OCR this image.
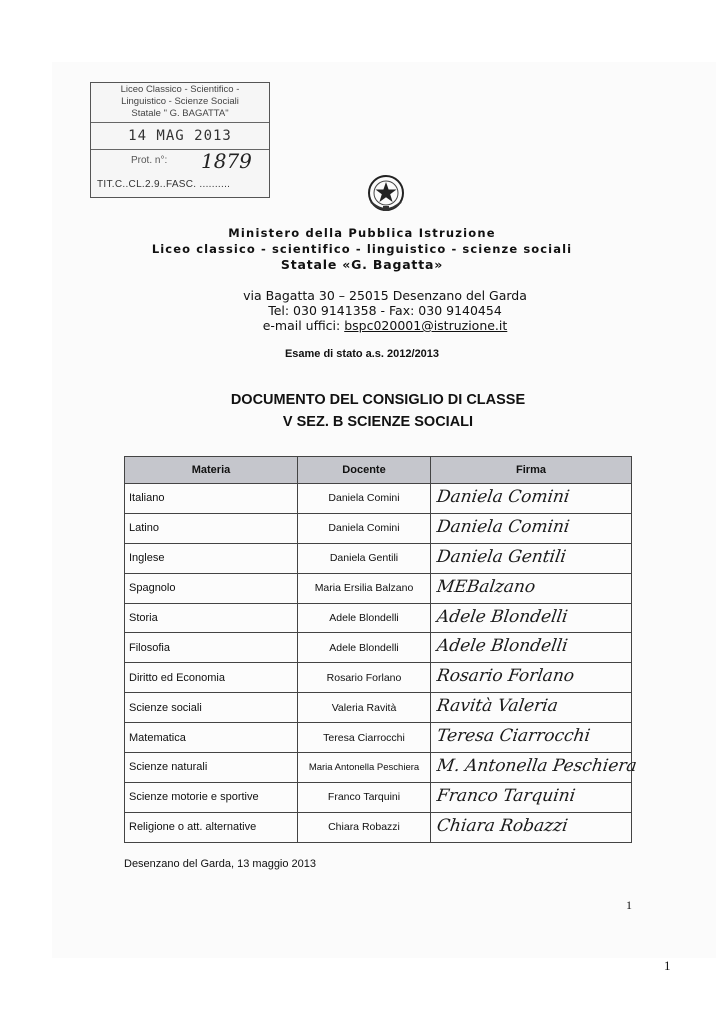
Liceo Classico - Scientifico -
Linguistico - Scienze Sociali
Statale " G. BAGATTA"
14 MAG 2013
Prot. n°: 1879
TIT.C..CL.2.9..FASC. ..........
Ministero della Pubblica Istruzione
Liceo classico - scientifico - linguistico - scienze sociali
Statale «G. Bagatta»
via Bagatta 30 – 25015 Desenzano del Garda
Tel: 030 9141358 - Fax: 030 9140454
e-mail uffici: bspc020001@istruzione.it
Esame di stato a.s. 2012/2013
DOCUMENTO DEL CONSIGLIO DI CLASSE
V SEZ. B SCIENZE SOCIALI
Materia	Docente	Firma
Italiano	Daniela Comini	Daniela Comini

Latino	Daniela Comini	Daniela Comini

Inglese	Daniela Gentili	Daniela Gentili

Spagnolo	Maria Ersilia Balzano	MEBalzano

Storia	Adele Blondelli	Adele Blondelli

Filosofia	Adele Blondelli	Adele Blondelli

Diritto ed Economia	Rosario Forlano	Rosario Forlano

Scienze sociali	Valeria Ravità	Ravità Valeria

Matematica	Teresa Ciarrocchi	Teresa Ciarrocchi

Scienze naturali	Maria Antonella Peschiera	M. Antonella Peschiera

Scienze motorie e sportive	Franco Tarquini	Franco Tarquini

Religione o att. alternative	Chiara Robazzi	Chiara Robazzi
Desenzano del Garda, 13 maggio 2013
1
1
